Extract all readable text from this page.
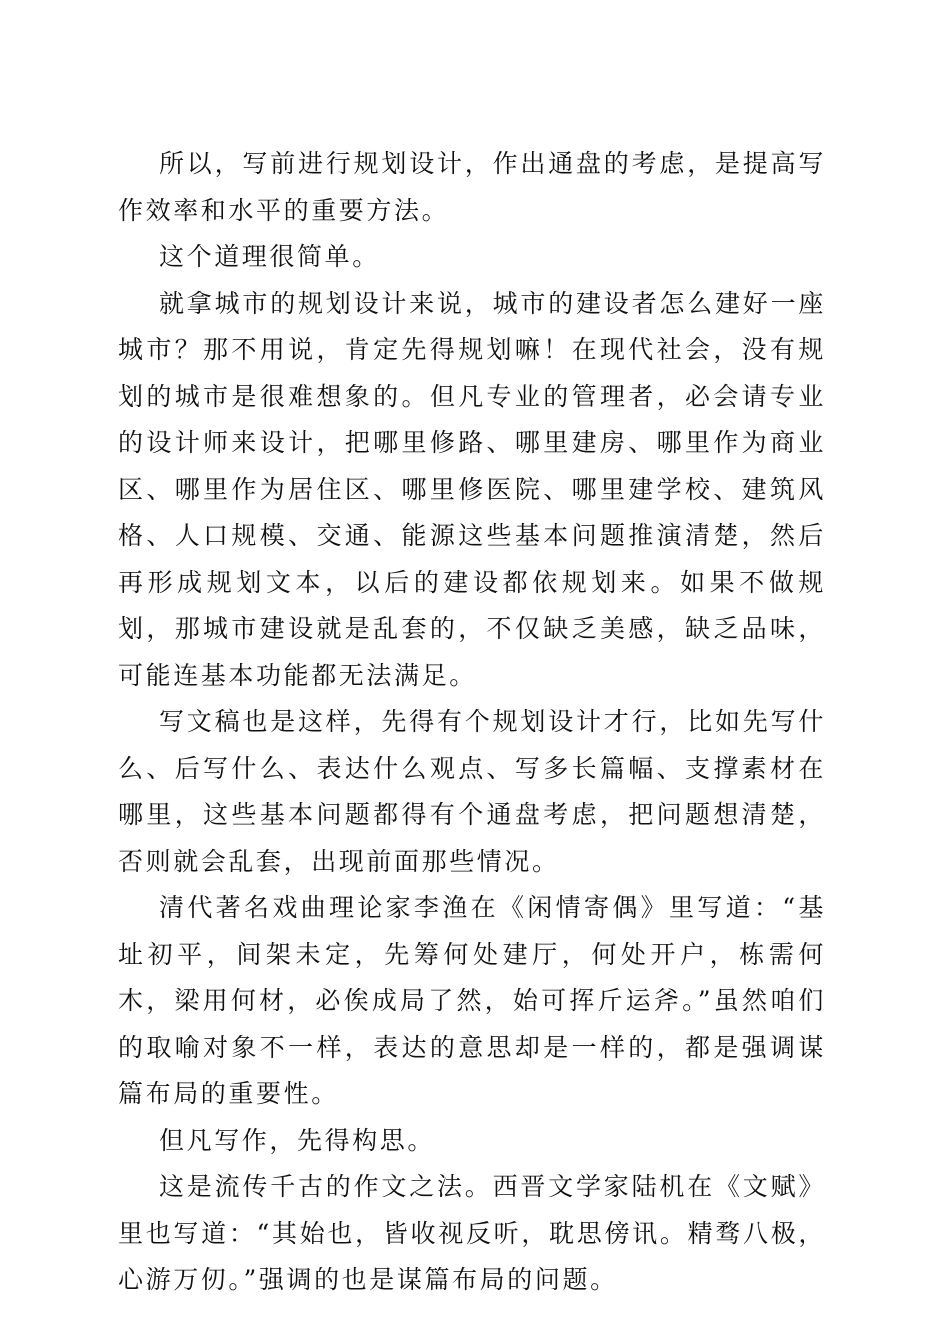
所以，写前进行规划设计，作出通盘的考虑，是提高写作效率和水平的重要方法。

这个道理很简单。

就拿城市的规划设计来说，城市的建设者怎么建好一座城市？那不用说，肯定先得规划嘛！在现代社会，没有规划的城市是很难想象的。但凡专业的管理者，必会请专业的设计师来设计，把哪里修路、哪里建房、哪里作为商业区、哪里作为居住区、哪里修医院、哪里建学校、建筑风格、人口规模、交通、能源这些基本问题推演清楚，然后再形成规划文本，以后的建设都依规划来。如果不做规划，那城市建设就是乱套的，不仅缺乏美感，缺乏品味，可能连基本功能都无法满足。

写文稿也是这样，先得有个规划设计才行，比如先写什么、后写什么、表达什么观点、写多长篇幅、支撑素材在哪里，这些基本问题都得有个通盘考虑，把问题想清楚，否则就会乱套，出现前面那些情况。

清代著名戏曲理论家李渔在《闲情寄偶》里写道：“基址初平，间架未定，先筹何处建厅，何处开户，栋需何木，梁用何材，必俟成局了然，始可挥斤运斧。”虽然咱们的取喻对象不一样，表达的意思却是一样的，都是强调谋篇布局的重要性。

但凡写作，先得构思。

这是流传千古的作文之法。西晋文学家陆机在《文赋》里也写道：“其始也，皆收视反听，耽思傍讯。精骛八极，心游万仞。”强调的也是谋篇布局的问题。
